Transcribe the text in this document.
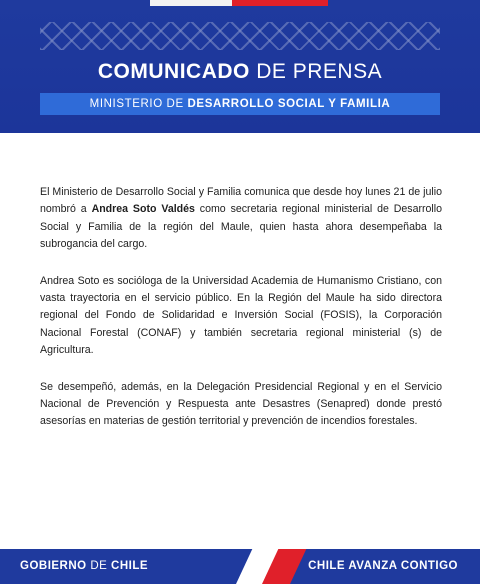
COMUNICADO DE PRENSA
MINISTERIO DE DESARROLLO SOCIAL Y FAMILIA

El Ministerio de Desarrollo Social y Familia comunica que desde hoy lunes 21 de julio nombró a Andrea Soto Valdés como secretaria regional ministerial de Desarrollo Social y Familia de la región del Maule, quien hasta ahora desempeñaba la subrogancia del cargo.

Andrea Soto es socióloga de la Universidad Academia de Humanismo Cristiano, con vasta trayectoria en el servicio público. En la Región del Maule ha sido directora regional del Fondo de Solidaridad e Inversión Social (FOSIS), la Corporación Nacional Forestal (CONAF) y también secretaria regional ministerial (s) de Agricultura.

Se desempeñó, además, en la Delegación Presidencial Regional y en el Servicio Nacional de Prevención y Respuesta ante Desastres (Senapred) donde prestó asesorías en materias de gestión territorial y prevención de incendios forestales.

GOBIERNO DE CHILE	CHILE AVANZA CONTIGO
